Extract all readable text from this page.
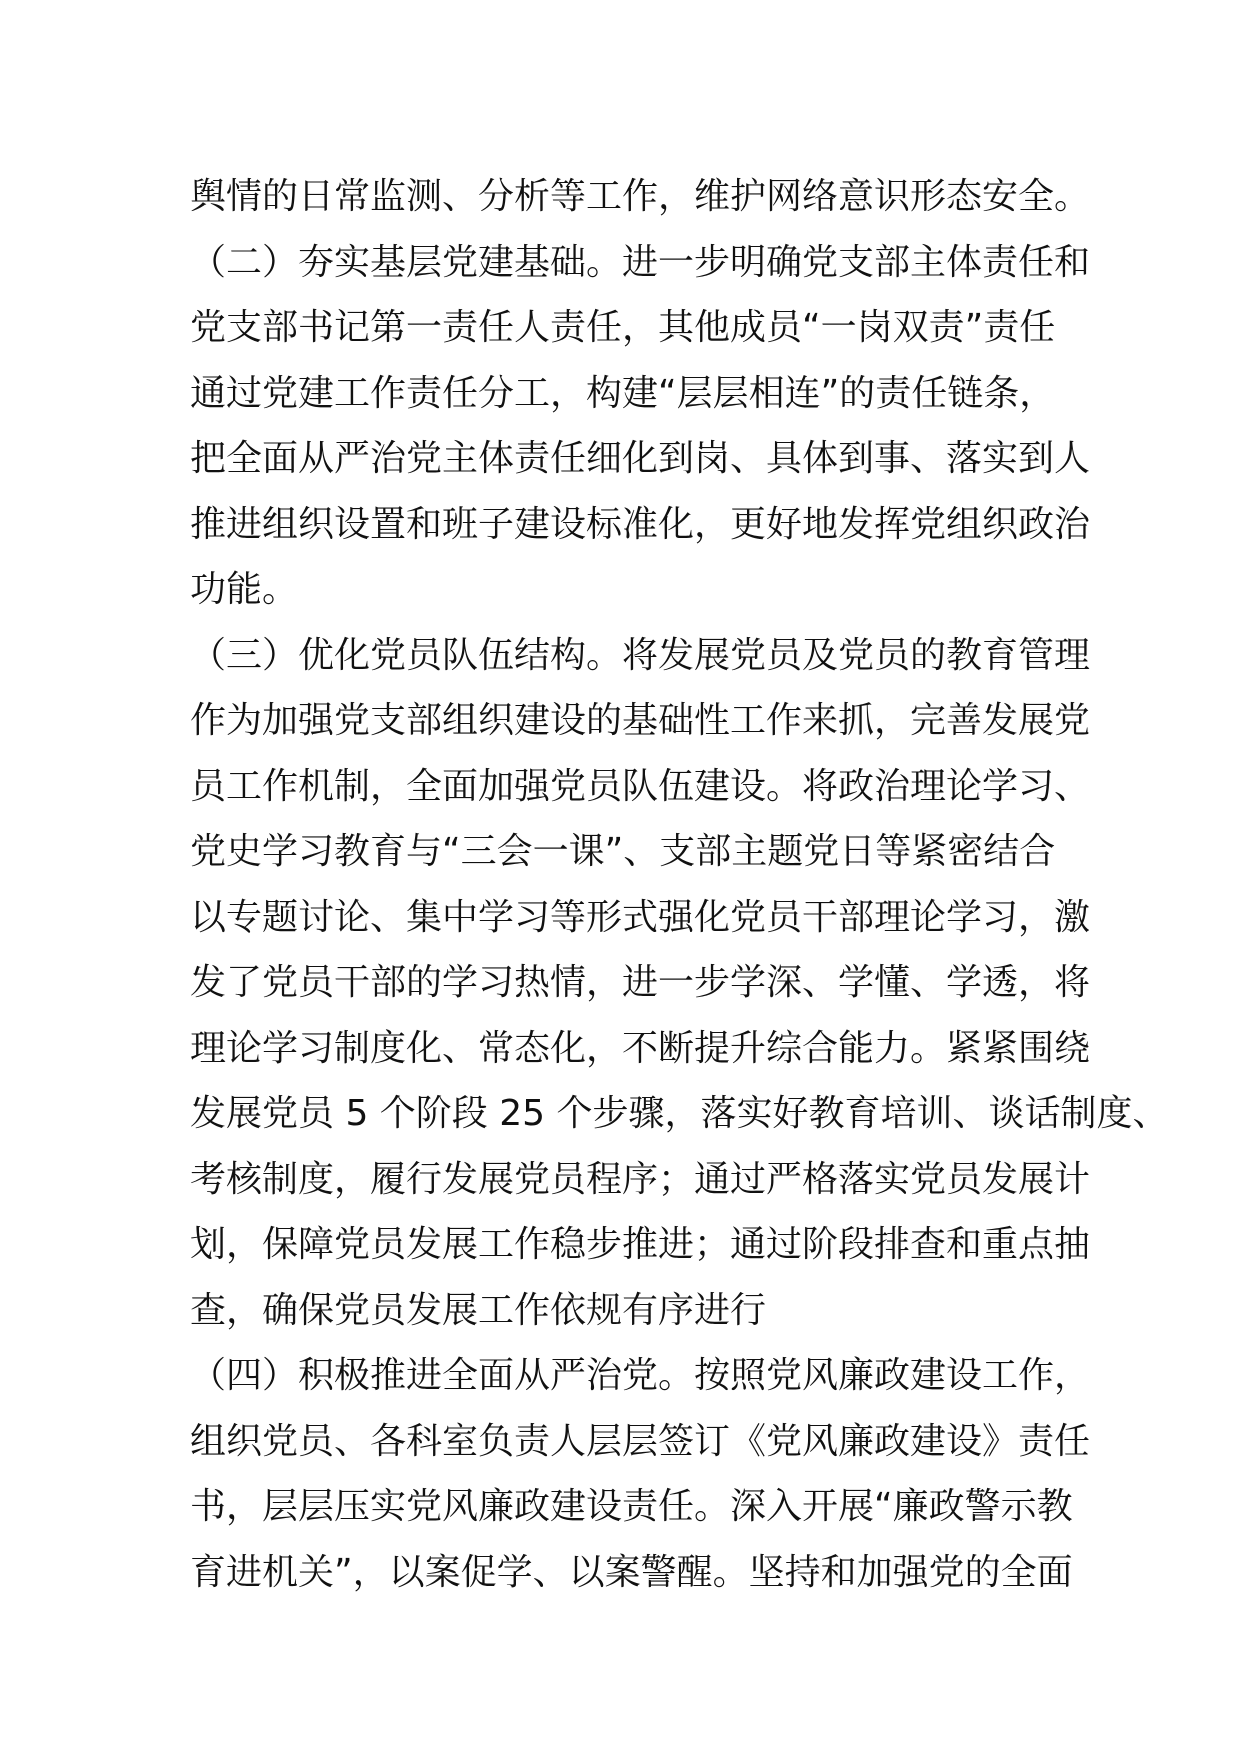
舆情的日常监测、分析等工作，维护网络意识形态安全。
（二）夯实基层党建基础。进一步明确党支部主体责任和
党支部书记第一责任人责任，其他成员“一岗双责”责任
通过党建工作责任分工，构建“层层相连”的责任链条，
把全面从严治党主体责任细化到岗、具体到事、落实到人
推进组织设置和班子建设标准化，更好地发挥党组织政治
功能。
（三）优化党员队伍结构。将发展党员及党员的教育管理
作为加强党支部组织建设的基础性工作来抓，完善发展党
员工作机制，全面加强党员队伍建设。将政治理论学习、
党史学习教育与“三会一课”、支部主题党日等紧密结合
以专题讨论、集中学习等形式强化党员干部理论学习，激
发了党员干部的学习热情，进一步学深、学懂、学透，将
理论学习制度化、常态化，不断提升综合能力。紧紧围绕
发展党员 5 个阶段 25 个步骤，落实好教育培训、谈话制度、
考核制度，履行发展党员程序；通过严格落实党员发展计
划，保障党员发展工作稳步推进；通过阶段排查和重点抽
查，确保党员发展工作依规有序进行
（四）积极推进全面从严治党。按照党风廉政建设工作，
组织党员、各科室负责人层层签订《党风廉政建设》责任
书，层层压实党风廉政建设责任。深入开展“廉政警示教
育进机关”，以案促学、以案警醒。坚持和加强党的全面
